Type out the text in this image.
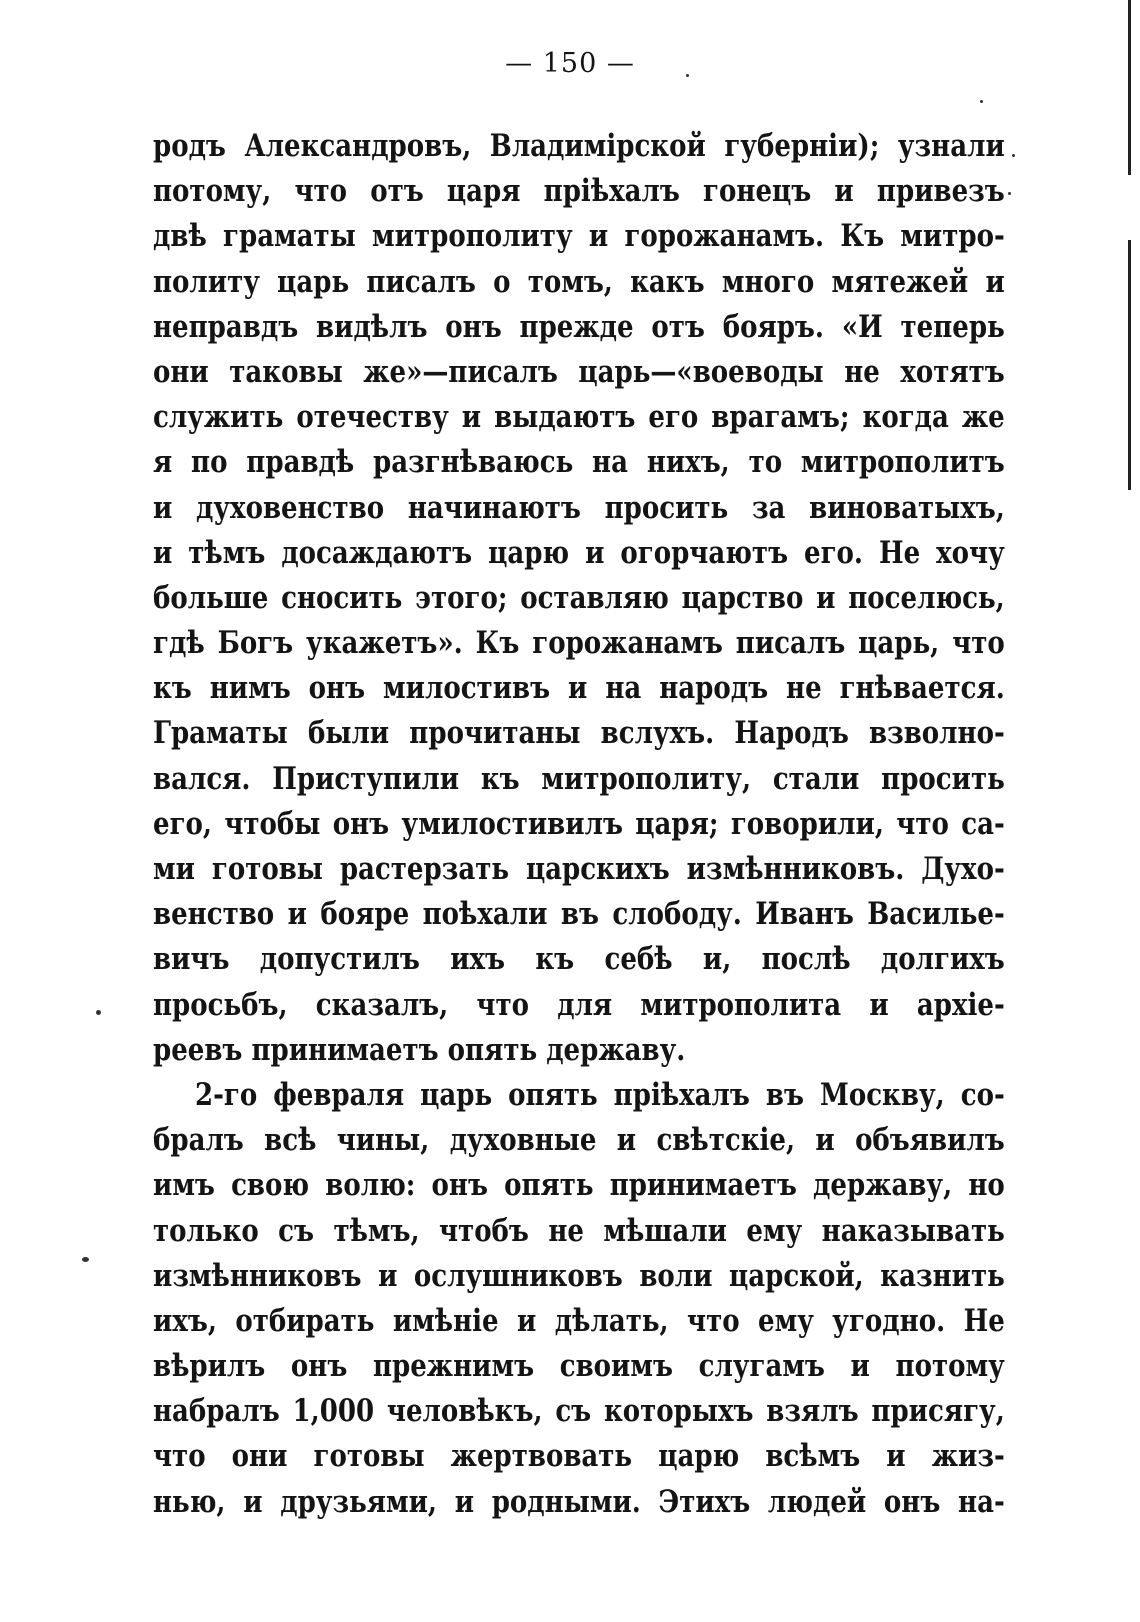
— 150 —
родъ Александровъ, Владимірской губерніи); узнали
потому, что отъ царя пріѣхалъ гонецъ и привезъ
двѣ граматы митрополиту и горожанамъ. Къ митро-
политу царь писалъ о томъ, какъ много мятежей и
неправдъ видѣлъ онъ прежде отъ бояръ. «И теперь
они таковы же»—писалъ царь—«воеводы не хотятъ
служить отечеству и выдаютъ его врагамъ; когда же
я по правдѣ разгнѣваюсь на нихъ, то митрополитъ
и духовенство начинаютъ просить за виноватыхъ,
и тѣмъ досаждаютъ царю и огорчаютъ его. Не хочу
больше сносить этого; оставляю царство и поселюсь,
гдѣ Богъ укажетъ». Къ горожанамъ писалъ царь, что
къ нимъ онъ милостивъ и на народъ не гнѣвается.
Граматы были прочитаны вслухъ. Народъ взволно-
вался. Приступили къ митрополиту, стали просить
его, чтобы онъ умилостивилъ царя; говорили, что са-
ми готовы растерзать царскихъ измѣнниковъ. Духо-
венство и бояре поѣхали въ слободу. Иванъ Василье-
вичъ допустилъ ихъ къ себѣ и, послѣ долгихъ
просьбъ, сказалъ, что для митрополита и архіе-
реевъ принимаетъ опять державу.
2-го февраля царь опять пріѣхалъ въ Москву, со-
бралъ всѣ чины, духовные и свѣтскіе, и объявилъ
имъ свою волю: онъ опять принимаетъ державу, но
только съ тѣмъ, чтобъ не мѣшали ему наказывать
измѣнниковъ и ослушниковъ воли царской, казнить
ихъ, отбирать имѣніе и дѣлать, что ему угодно. Не
вѣрилъ онъ прежнимъ своимъ слугамъ и потому
набралъ 1,000 человѣкъ, съ которыхъ взялъ присягу,
что они готовы жертвовать царю всѣмъ и жиз-
нью, и друзьями, и родными. Этихъ людей онъ на-
